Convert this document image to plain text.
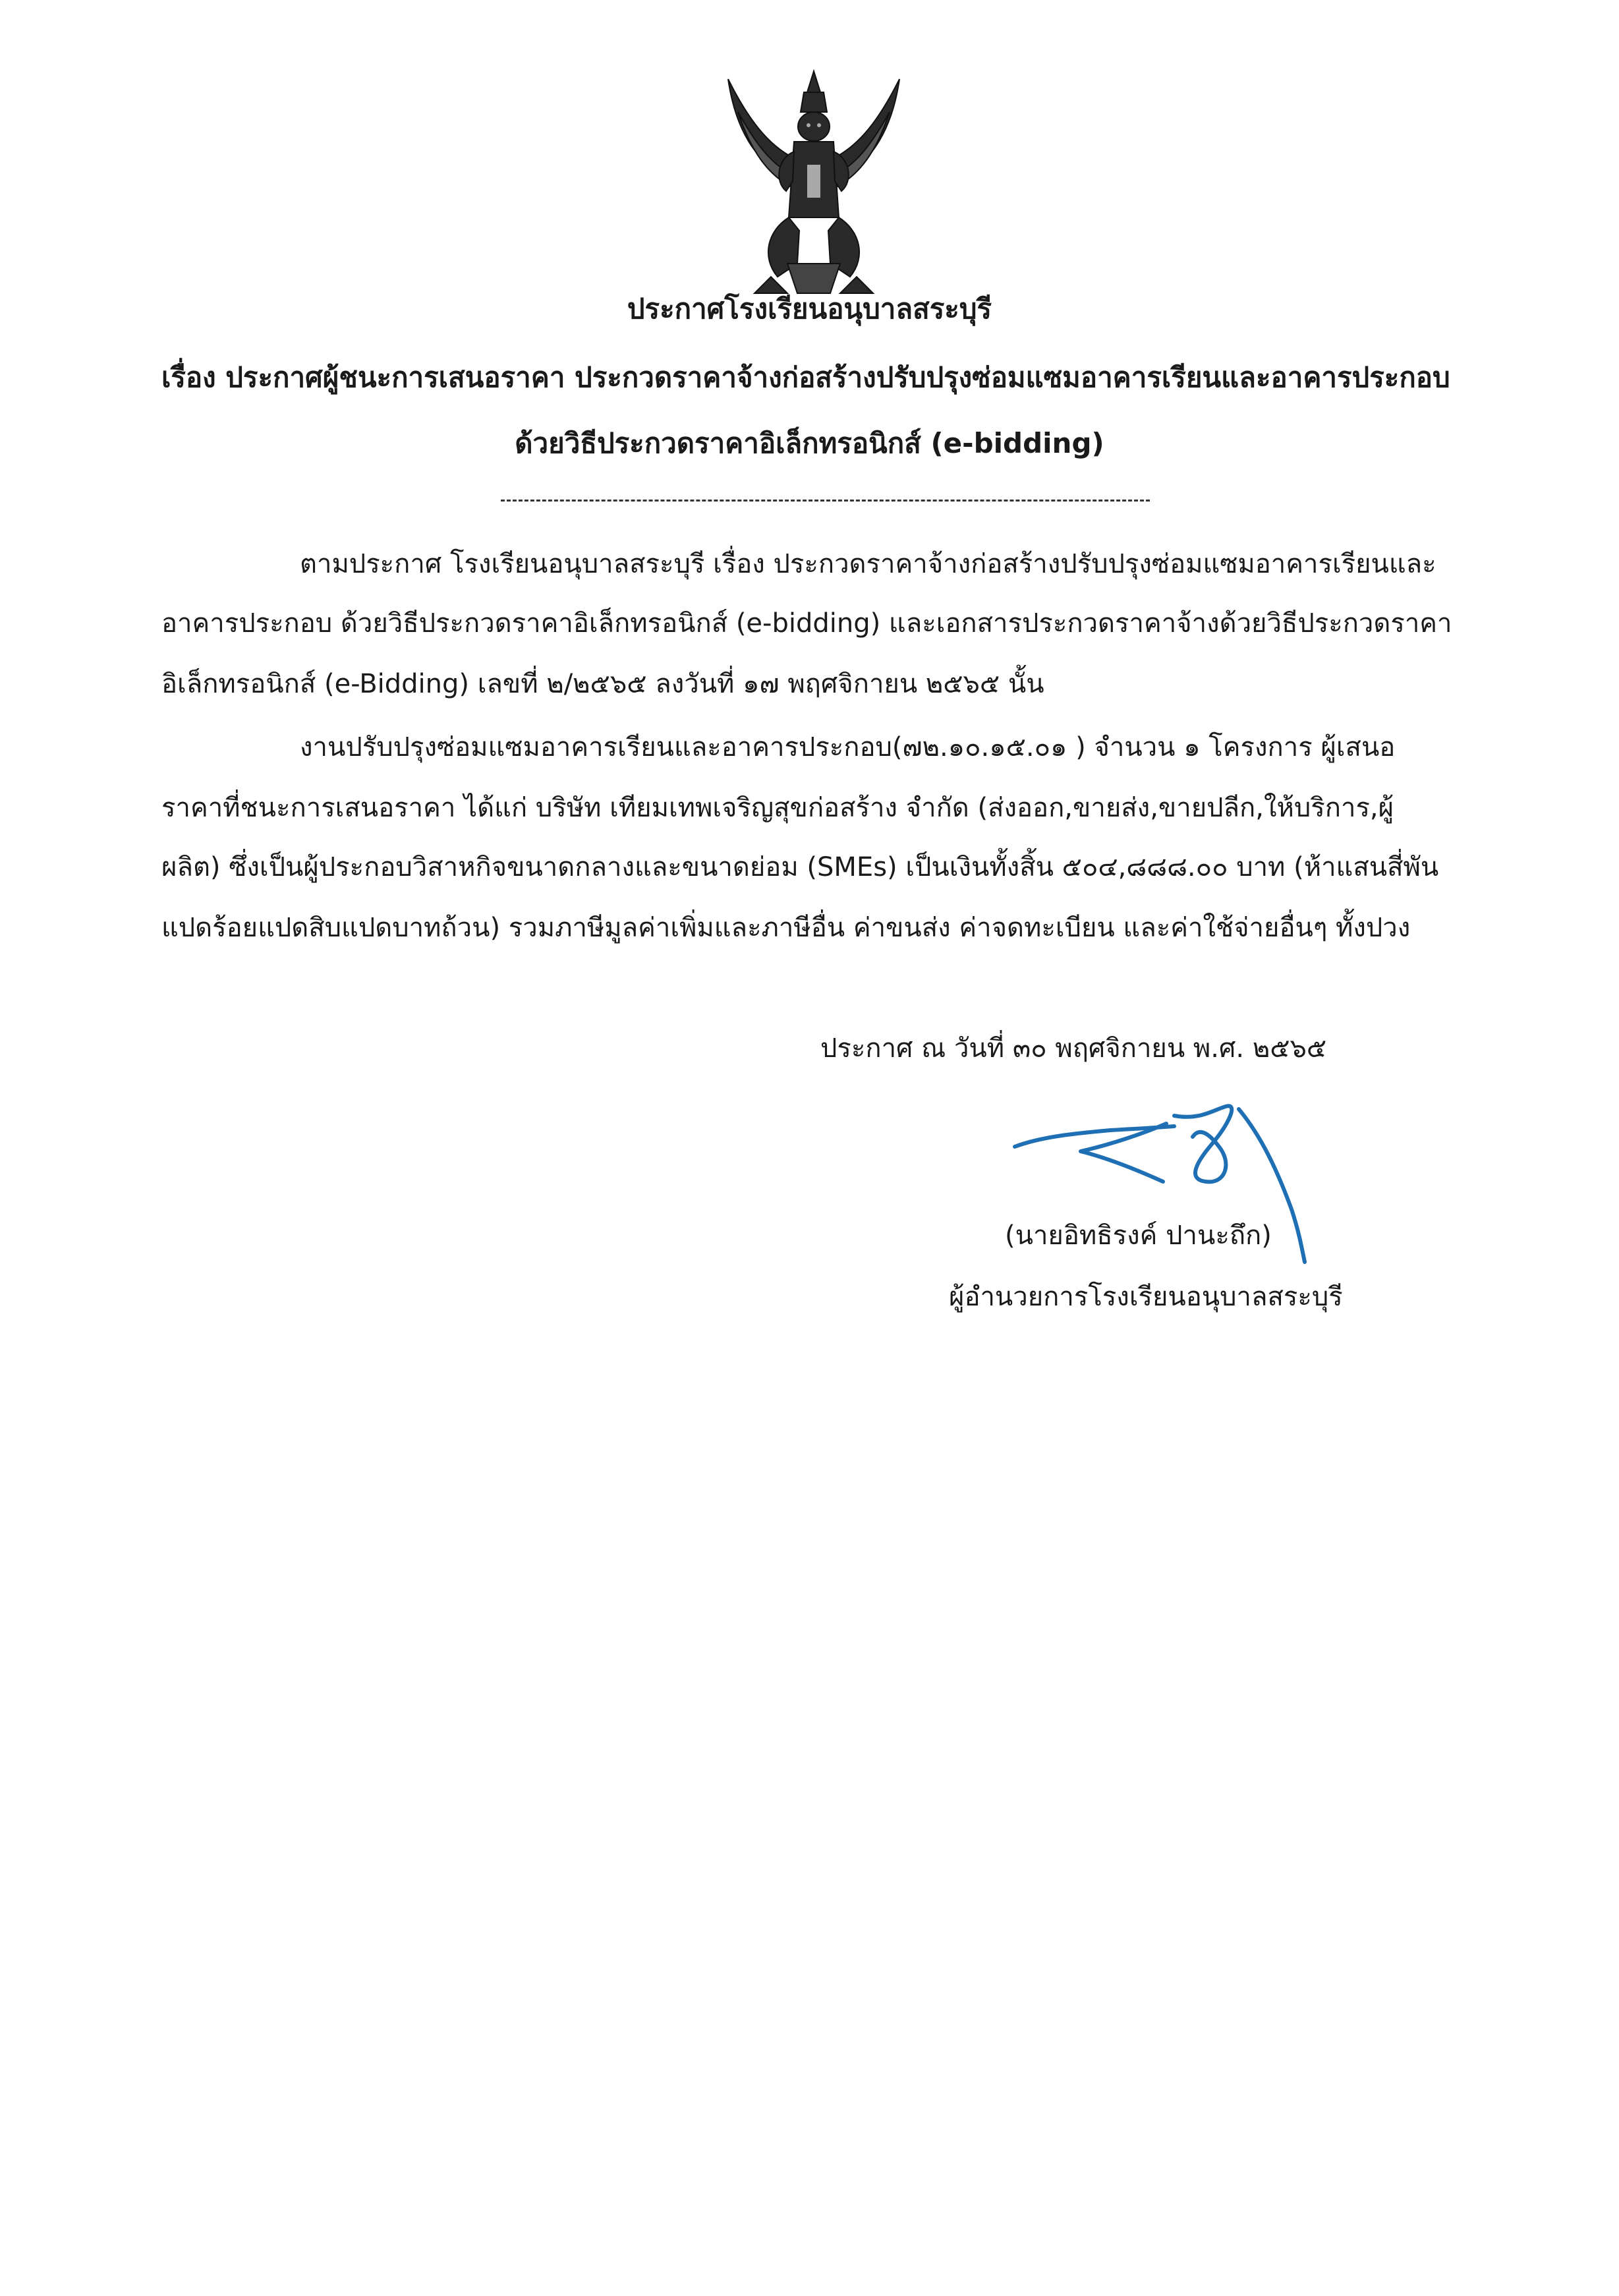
ประกาศโรงเรียนอนุบาลสระบุรี
เรื่อง ประกาศผู้ชนะการเสนอราคา ประกวดราคาจ้างก่อสร้างปรับปรุงซ่อมแซมอาคารเรียนและอาคารประกอบ
ด้วยวิธีประกวดราคาอิเล็กทรอนิกส์ (e-bidding)
ตามประกาศ โรงเรียนอนุบาลสระบุรี เรื่อง ประกวดราคาจ้างก่อสร้างปรับปรุงซ่อมแซมอาคารเรียนและ
อาคารประกอบ ด้วยวิธีประกวดราคาอิเล็กทรอนิกส์ (e-bidding) และเอกสารประกวดราคาจ้างด้วยวิธีประกวดราคา
อิเล็กทรอนิกส์ (e-Bidding) เลขที่ ๒/๒๕๖๕ ลงวันที่ ๑๗ พฤศจิกายน ๒๕๖๕ นั้น
งานปรับปรุงซ่อมแซมอาคารเรียนและอาคารประกอบ(๗๒.๑๐.๑๕.๐๑ ) จำนวน ๑ โครงการ ผู้เสนอ
ราคาที่ชนะการเสนอราคา ได้แก่ บริษัท เทียมเทพเจริญสุขก่อสร้าง จำกัด (ส่งออก,ขายส่ง,ขายปลีก,ให้บริการ,ผู้
ผลิต) ซึ่งเป็นผู้ประกอบวิสาหกิจขนาดกลางและขนาดย่อม (SMEs) เป็นเงินทั้งสิ้น ๕๐๔,๘๘๘.๐๐ บาท (ห้าแสนสี่พัน
แปดร้อยแปดสิบแปดบาทถ้วน) รวมภาษีมูลค่าเพิ่มและภาษีอื่น ค่าขนส่ง ค่าจดทะเบียน และค่าใช้จ่ายอื่นๆ ทั้งปวง
ประกาศ ณ วันที่ ๓๐ พฤศจิกายน พ.ศ. ๒๕๖๕
(นายอิทธิรงค์ ปานะถึก)
ผู้อำนวยการโรงเรียนอนุบาลสระบุรี
